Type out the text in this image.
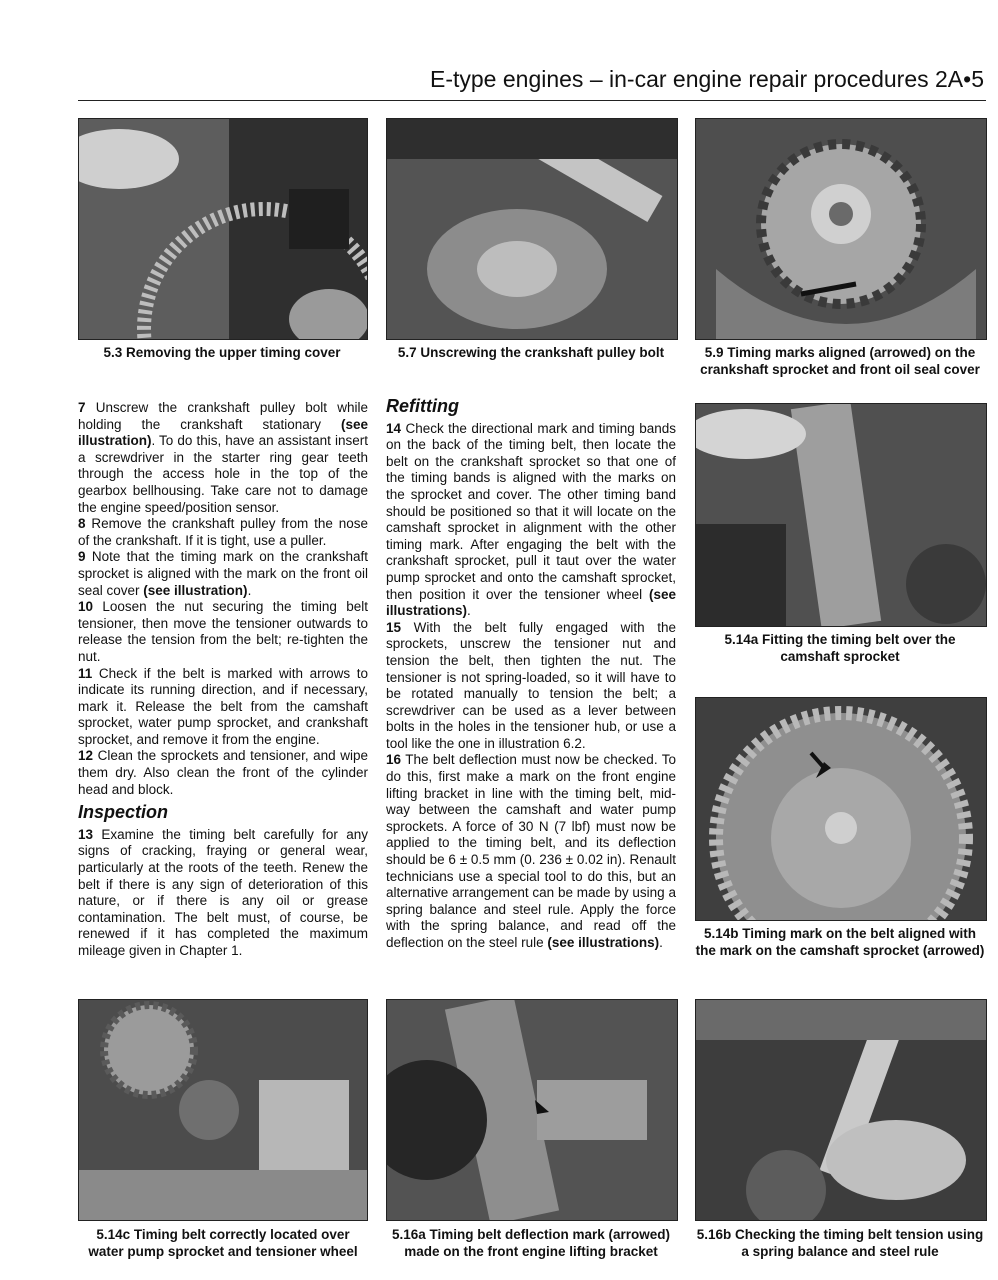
E-type engines – in-car engine repair procedures 2A•5
5.3 Removing the upper timing cover	5.7 Unscrewing the crankshaft pulley bolt	5.9 Timing marks aligned (arrowed) on the crankshaft sprocket and front oil seal cover

7 Unscrew the crankshaft pulley bolt while holding the crankshaft stationary (see illustration). To do this, have an assistant insert a screwdriver in the starter ring gear teeth through the access hole in the top of the gearbox bellhousing. Take care not to damage the engine speed/position sensor.

8 Remove the crankshaft pulley from the nose of the crankshaft. If it is tight, use a puller.

9 Note that the timing mark on the crankshaft sprocket is aligned with the mark on the front oil seal cover (see illustration).

10 Loosen the nut securing the timing belt tensioner, then move the tensioner outwards to release the tension from the belt; re-tighten the nut.

11 Check if the belt is marked with arrows to indicate its running direction, and if necessary, mark it. Release the belt from the camshaft sprocket, water pump sprocket, and crankshaft sprocket, and remove it from the engine.

12 Clean the sprockets and tensioner, and wipe them dry. Also clean the front of the cylinder head and block.

Inspection

13 Examine the timing belt carefully for any signs of cracking, fraying or general wear, particularly at the roots of the teeth. Renew the belt if there is any sign of deterioration of this nature, or if there is any oil or grease contamination. The belt must, of course, be renewed if it has completed the maximum mileage given in Chapter 1.

Refitting

14 Check the directional mark and timing bands on the back of the timing belt, then locate the belt on the crankshaft sprocket so that one of the timing bands is aligned with the marks on the sprocket and cover. The other timing band should be positioned so that it will locate on the camshaft sprocket in alignment with the other timing mark. After engaging the belt with the crankshaft sprocket, pull it taut over the water pump sprocket and onto the camshaft sprocket, then position it over the tensioner wheel (see illustrations).

15 With the belt fully engaged with the sprockets, unscrew the tensioner nut and tension the belt, then tighten the nut. The tensioner is not spring-loaded, so it will have to be rotated manually to tension the belt; a screwdriver can be used as a lever between bolts in the holes in the tensioner hub, or use a tool like the one in illustration 6.2.

16 The belt deflection must now be checked. To do this, first make a mark on the front engine lifting bracket in line with the timing belt, mid-way between the camshaft and water pump sprockets. A force of 30 N (7 lbf) must now be applied to the timing belt, and its deflection should be 6 ± 0.5 mm (0. 236 ± 0.02 in). Renault technicians use a special tool to do this, but an alternative arrangement can be made by using a spring balance and steel rule. Apply the force with the spring balance, and read off the deflection on the steel rule (see illustrations).

5.14a Fitting the timing belt over the camshaft sprocket
5.14b Timing mark on the belt aligned with the mark on the camshaft sprocket (arrowed)
5.14c Timing belt correctly located over water pump sprocket and tensioner wheel
5.16a Timing belt deflection mark (arrowed) made on the front engine lifting bracket
5.16b Checking the timing belt tension using a spring balance and steel rule
